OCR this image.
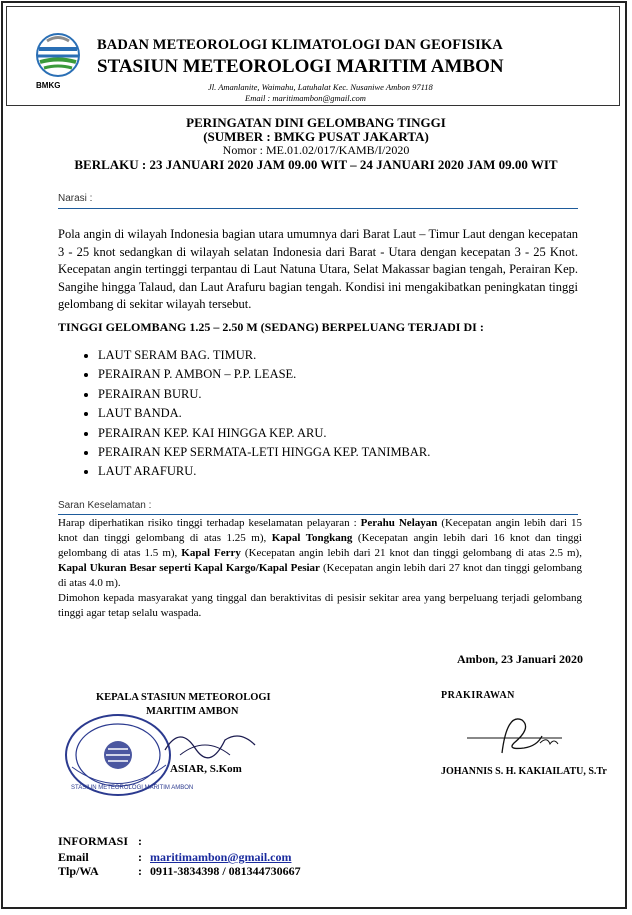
BMKG
BADAN METEOROLOGI KLIMATOLOGI DAN GEOFISIKA
STASIUN METEOROLOGI MARITIM AMBON
Jl. Amanlanite, Waimahu, Latuhalat Kec. Nusaniwe Ambon 97118
Email : maritimambon@gmail.com
PERINGATAN DINI GELOMBANG TINGGI
(SUMBER : BMKG PUSAT JAKARTA)
Nomor : ME.01.02/017/KAMB/I/2020
BERLAKU : 23 JANUARI 2020 JAM 09.00 WIT – 24 JANUARI 2020 JAM 09.00 WIT
Narasi :
Pola angin di wilayah Indonesia bagian utara umumnya dari Barat Laut – Timur Laut dengan kecepatan 3 - 25 knot sedangkan di wilayah selatan Indonesia dari Barat - Utara dengan kecepatan 3 - 25 Knot. Kecepatan angin tertinggi terpantau di Laut Natuna Utara, Selat Makassar bagian tengah, Perairan Kep. Sangihe hingga Talaud, dan Laut Arafuru bagian tengah. Kondisi ini mengakibatkan peningkatan tinggi gelombang di sekitar wilayah tersebut.
TINGGI GELOMBANG 1.25 – 2.50 M (SEDANG) BERPELUANG TERJADI DI :
• LAUT SERAM BAG. TIMUR.
• PERAIRAN P. AMBON – P.P. LEASE.
• PERAIRAN BURU.
• LAUT BANDA.
• PERAIRAN KEP. KAI HINGGA KEP. ARU.
• PERAIRAN KEP SERMATA-LETI HINGGA KEP. TANIMBAR.
• LAUT ARAFURU.
Saran Keselamatan :
Harap diperhatikan risiko tinggi terhadap keselamatan pelayaran : Perahu Nelayan (Kecepatan angin lebih dari 15 knot dan tinggi gelombang di atas 1.25 m), Kapal Tongkang (Kecepatan angin lebih dari 16 knot dan tinggi gelombang di atas 1.5 m), Kapal Ferry (Kecepatan angin lebih dari 21 knot dan tinggi gelombang di atas 2.5 m), Kapal Ukuran Besar seperti Kapal Kargo/Kapal Pesiar (Kecepatan angin lebih dari 27 knot dan tinggi gelombang di atas 4.0 m).
Dimohon kepada masyarakat yang tinggal dan beraktivitas di pesisir sekitar area yang berpeluang terjadi gelombang tinggi agar tetap selalu waspada.
Ambon, 23 Januari 2020
STASIUN METEOROLOGI MARITIM AMBON
KEPALA STASIUN METEOROLOGI
MARITIM AMBON
ASIAR, S.Kom
PRAKIRAWAN
JOHANNIS S. H. KAKIAILATU, S.Tr
INFORMASI :
Email	: maritimambon@gmail.com
Tlp/WA	: 0911-3834398 / 081344730667
